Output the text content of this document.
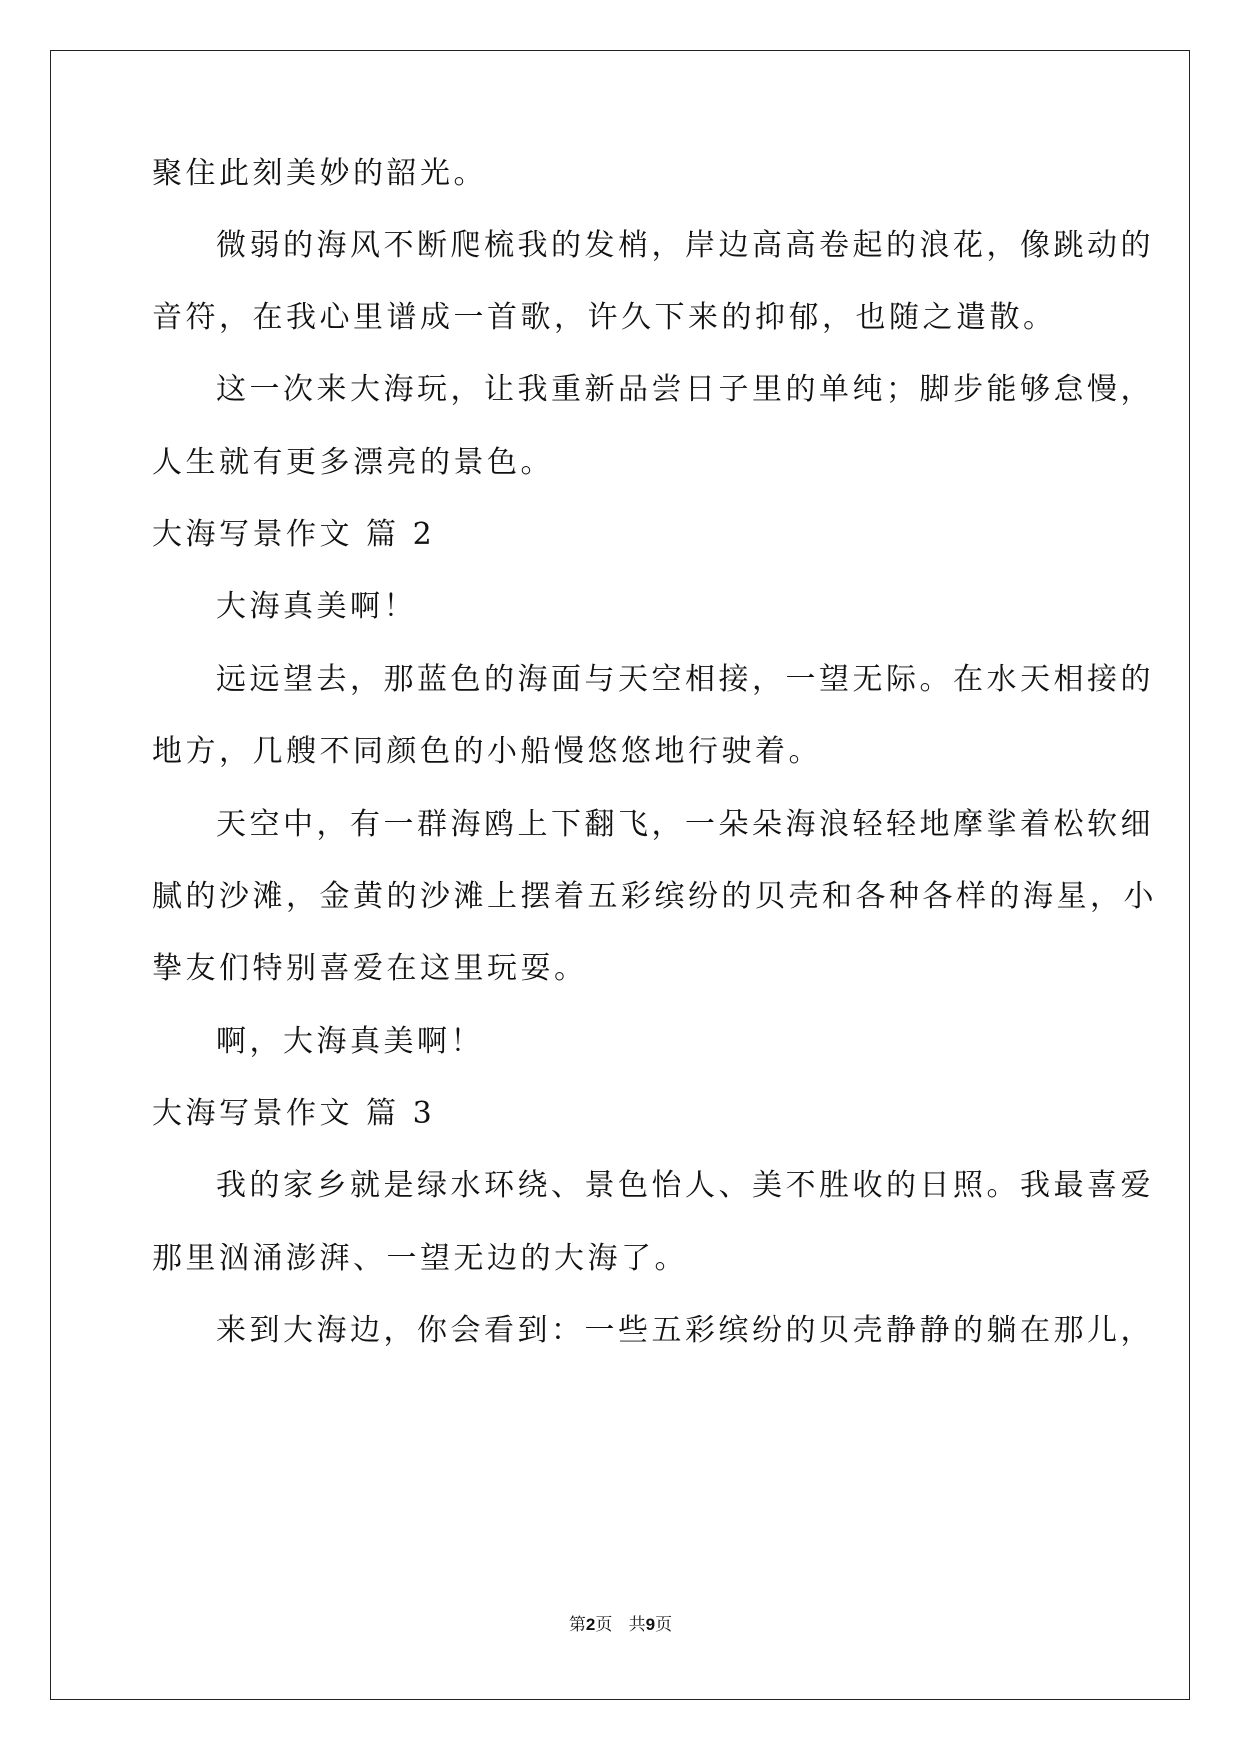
聚住此刻美妙的韶光。

微弱的海风不断爬梳我的发梢，岸边高高卷起的浪花，像跳动的

音符，在我心里谱成一首歌，许久下来的抑郁，也随之遣散。

这一次来大海玩，让我重新品尝日子里的单纯；脚步能够怠慢，

人生就有更多漂亮的景色。

大海写景作文 篇 2

大海真美啊！

远远望去，那蓝色的海面与天空相接，一望无际。在水天相接的

地方，几艘不同颜色的小船慢悠悠地行驶着。

天空中，有一群海鸥上下翻飞，一朵朵海浪轻轻地摩挲着松软细

腻的沙滩，金黄的沙滩上摆着五彩缤纷的贝壳和各种各样的海星，小

挚友们特别喜爱在这里玩耍。

啊，大海真美啊！

大海写景作文 篇 3

我的家乡就是绿水环绕、景色怡人、美不胜收的日照。我最喜爱

那里汹涌澎湃、一望无边的大海了。

来到大海边，你会看到：一些五彩缤纷的贝壳静静的躺在那儿，

第2页 共9页
